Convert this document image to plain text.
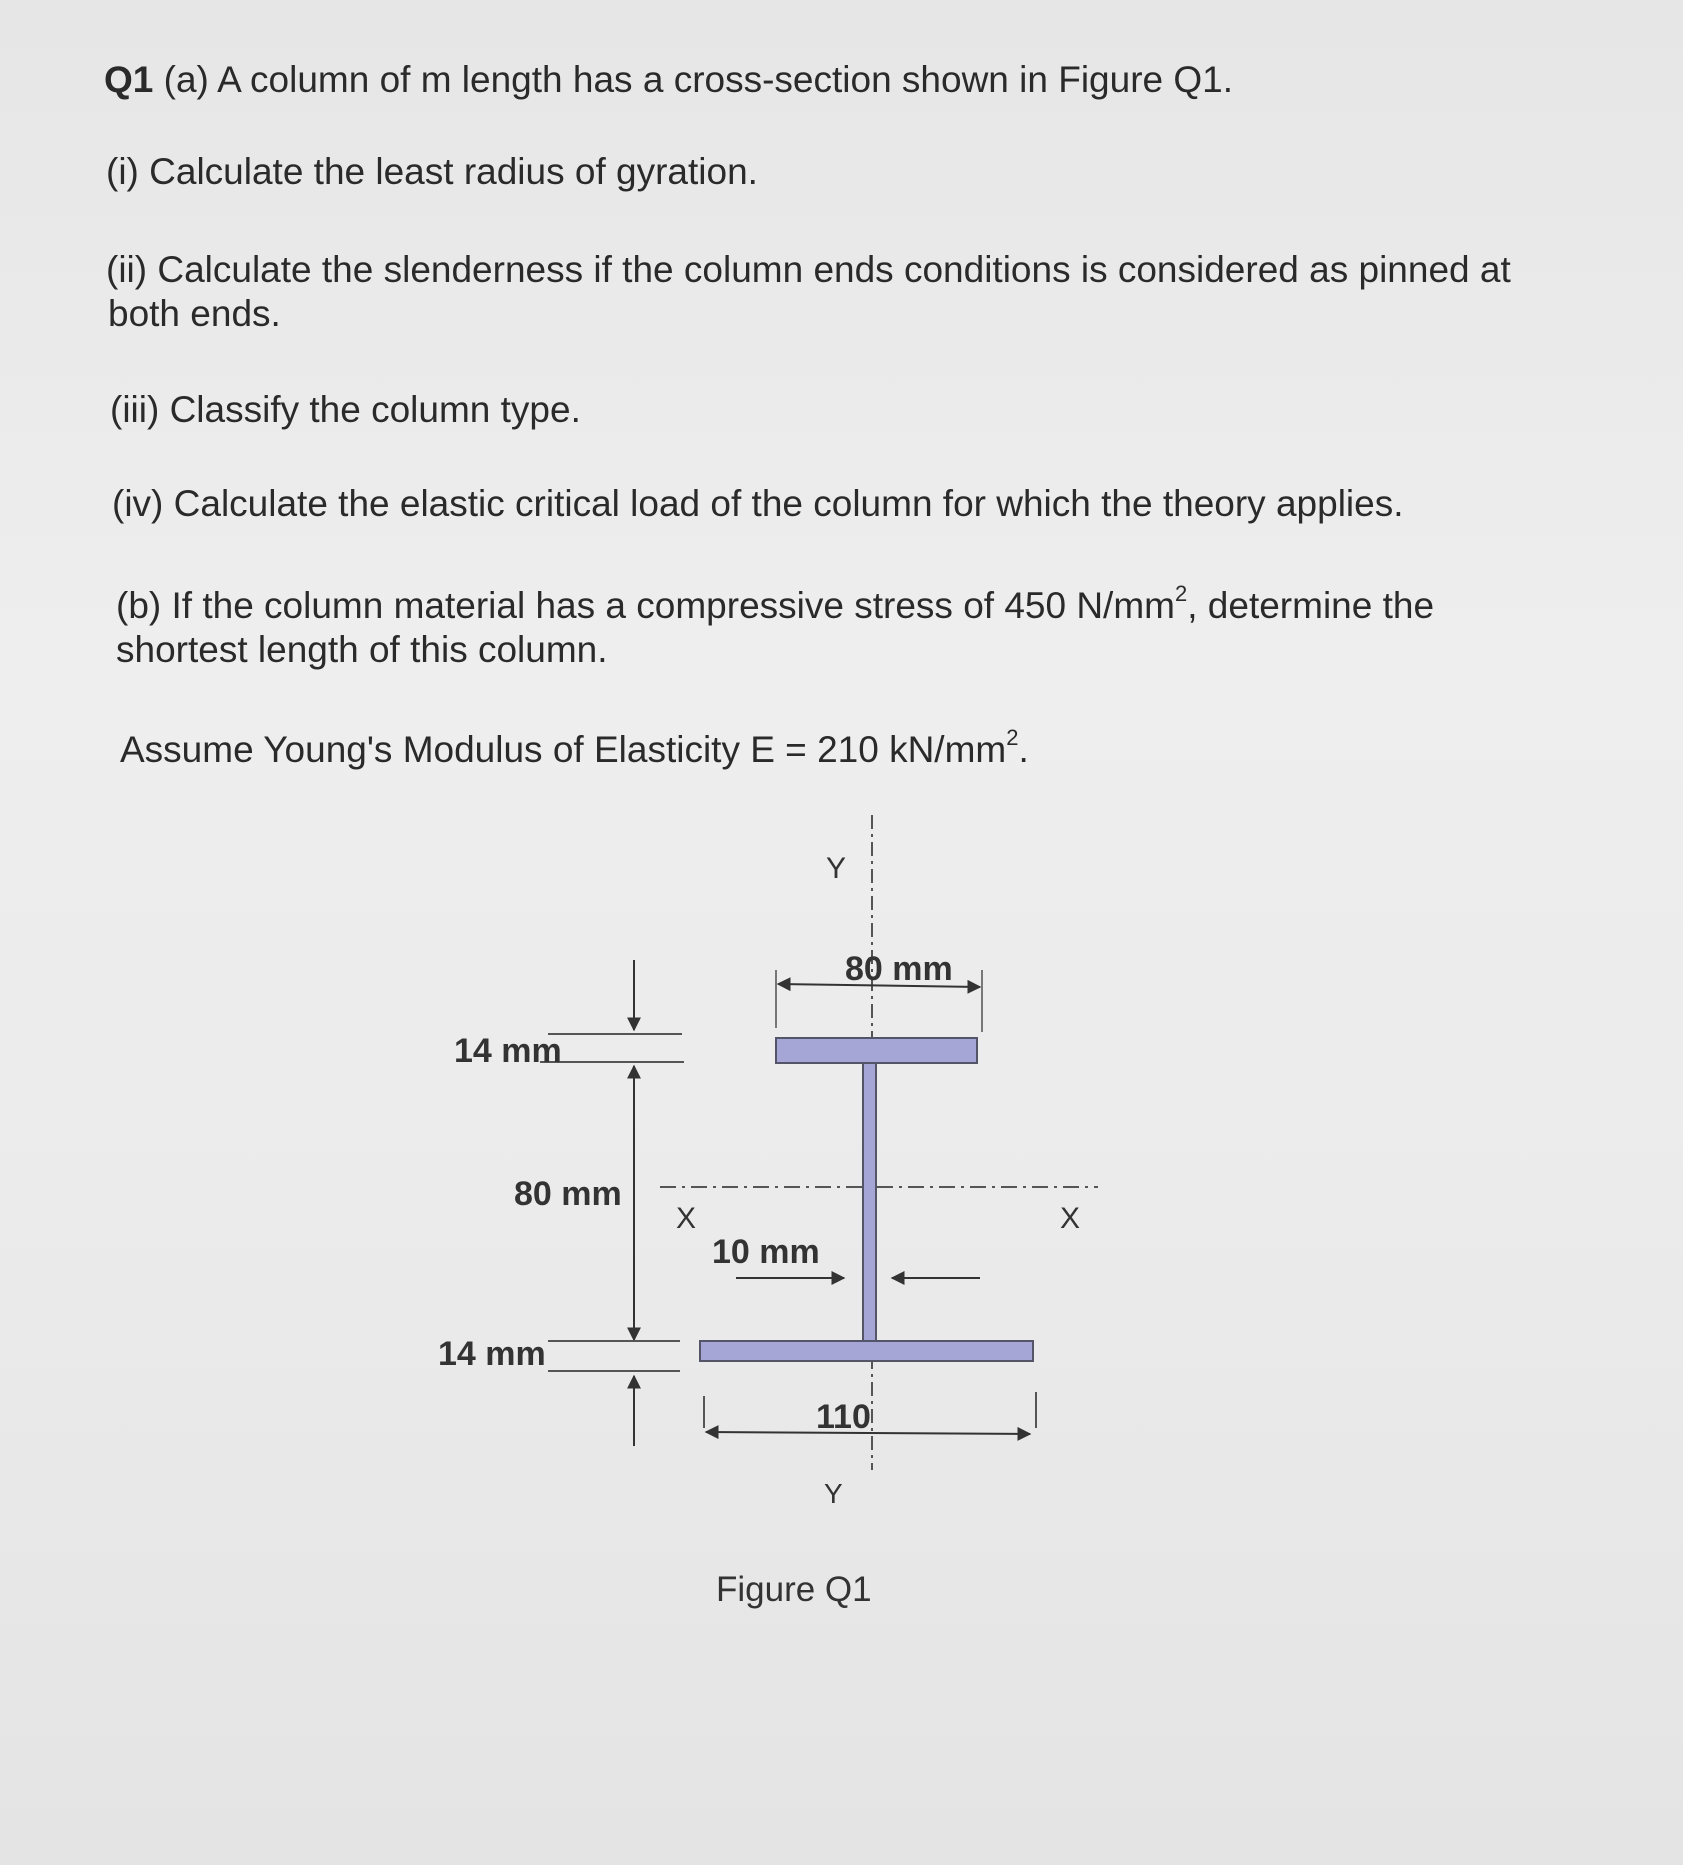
Q1 (a) A column of m length has a cross-section shown in Figure Q1.
(i) Calculate the least radius of gyration.
(ii) Calculate the slenderness if the column ends conditions is considered as pinned at
both ends.
(iii) Classify the column type.
(iv) Calculate the elastic critical load of the column for which the theory applies.
(b) If the column material has a compressive stress of 450 $N/mm^2$, determine the
shortest length of this column.
Assume Young's Modulus of Elasticity E = 210 $kN/mm^2$.
80 mm
14 mm
80 mm
14 mm
10 mm
110
Y
Y
X	X
Figure Q1
